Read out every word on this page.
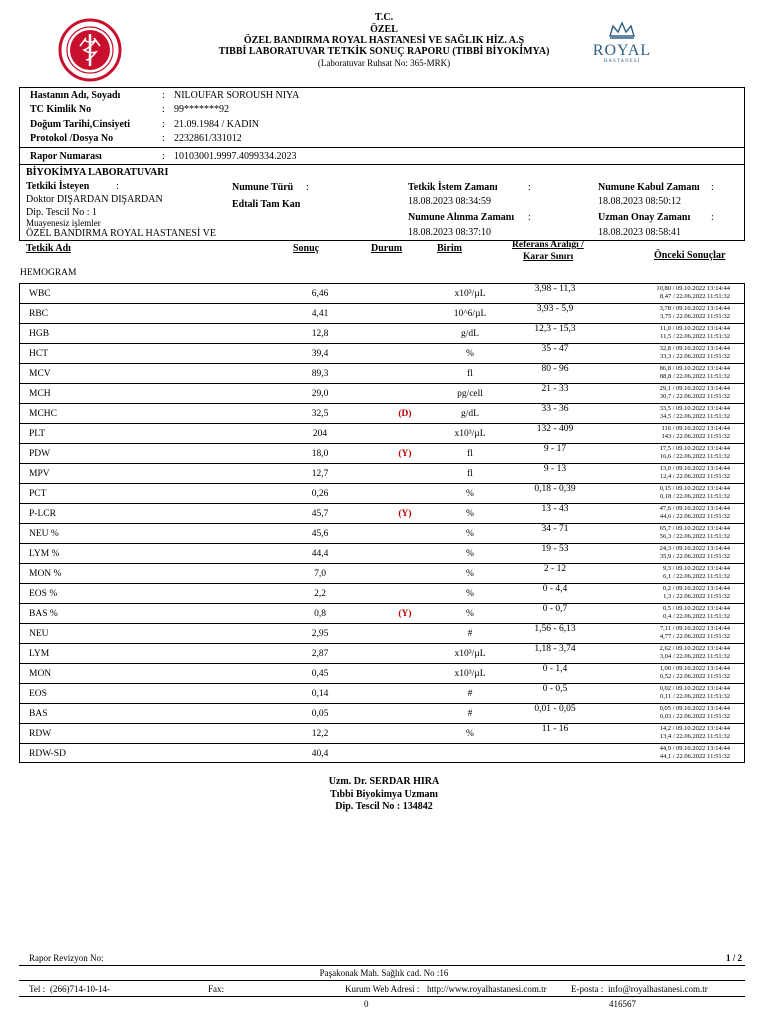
T.C.
ÖZEL
ÖZEL BANDIRMA ROYAL HASTANESİ VE SAĞLIK HİZ. A.Ş
TIBBİ LABORATUVAR TETKİK SONUÇ RAPORU (TIBBİ BİYOKİMYA)
(Laboratuvar Ruhsat No: 365-MRK)
ROYAL
HASTANESİ
Hastanın Adı, Soyadı	: NILOUFAR SOROUSH NIYA
TC Kimlik No	: 99*******92
Doğum Tarihi,Cinsiyeti	: 21.09.1984 / KADIN
Protokol /Dosya No	: 2232861/331012
Rapor Numarası	: 10103001.9997.4099334.2023
BİYOKİMYA LABORATUVARI
Tetkiki İsteyen	:
Doktor DIŞARDAN DIŞARDAN
Dip. Tescil No : 1
Muayenesiz işlemler
ÖZEL BANDIRMA ROYAL HASTANESİ VE
Numune Türü :
Edtali Tam Kan
Tetkik İstem Zamanı	:
18.08.2023 08:34:59
Numune Alınma Zamanı :
18.08.2023 08:37:10
Numune Kabul Zamanı :
18.08.2023 08:50:12
Uzman Onay Zamanı :
18.08.2023 08:58:41
Tetkik Adı	Sonuç	Durum	Birim	Referans Aralığı /
Karar Sınırı	Önceki Sonuçlar
HEMOGRAM
WBC	6,46	x10³/µL	3,98 - 11,3	10,80 / 09.10.2022 13:14:44
8,47 / 22.06.2022 11:51:32
RBC	4,41	10^6/µL	3,93 - 5,9	3,78 / 09.10.2022 13:14:44
3,75 / 22.06.2022 11:51:32
HGB	12,8	g/dL	12,3 - 15,3	11,0 / 09.10.2022 13:14:44
11,5 / 22.06.2022 11:51:32
HCT	39,4	%	35 - 47	32,8 / 09.10.2022 13:14:44
33,3 / 22.06.2022 11:51:32
MCV	89,3	fl	80 - 96	86,8 / 09.10.2022 13:14:44
88,8 / 22.06.2022 11:51:32
MCH	29,0	pg/cell	21 - 33	29,1 / 09.10.2022 13:14:44
30,7 / 22.06.2022 11:51:32
MCHC	32,5	(D)	g/dL	33 - 36	33,5 / 09.10.2022 13:14:44
34,5 / 22.06.2022 11:51:32
PLT	204	x10³/µL	132 - 409	116 / 09.10.2022 13:14:44
143 / 22.06.2022 11:51:32
PDW	18,0	(Y)	fl	9 - 17	17,5 / 09.10.2022 13:14:44
16,6 / 22.06.2022 11:51:32
MPV	12,7	fl	9 - 13	13,0 / 09.10.2022 13:14:44
12,4 / 22.06.2022 11:51:32
PCT	0,26	%	0,18 - 0,39	0,15 / 09.10.2022 13:14:44
0,18 / 22.06.2022 11:51:32
P-LCR	45,7	(Y)	%	13 - 43	47,6 / 09.10.2022 13:14:44
44,6 / 22.06.2022 11:51:32
NEU %	45,6	%	34 - 71	65,7 / 09.10.2022 13:14:44
56,3 / 22.06.2022 11:51:32
LYM %	44,4	%	19 - 53	24,3 / 09.10.2022 13:14:44
35,9 / 22.06.2022 11:51:32
MON %	7,0	%	2 - 12	9,3 / 09.10.2022 13:14:44
6,1 / 22.06.2022 11:51:32
EOS %	2,2	%	0 - 4,4	0,2 / 09.10.2022 13:14:44
1,3 / 22.06.2022 11:51:32
BAS %	0,8	(Y)	%	0 - 0,7	0,5 / 09.10.2022 13:14:44
0,4 / 22.06.2022 11:51:32
NEU	2,95	#	1,56 - 6,13	7,11 / 09.10.2022 13:14:44
4,77 / 22.06.2022 11:51:32
LYM	2,87	x10³/µL	1,18 - 3,74	2,62 / 09.10.2022 13:14:44
3,04 / 22.06.2022 11:51:32
MON	0,45	x10³/µL	0 - 1,4	1,00 / 09.10.2022 13:14:44
0,52 / 22.06.2022 11:51:32
EOS	0,14	#	0 - 0,5	0,02 / 09.10.2022 13:14:44
0,11 / 22.06.2022 11:51:32
BAS	0,05	#	0,01 - 0,05	0,05 / 09.10.2022 13:14:44
0,03 / 22.06.2022 11:51:32
RDW	12,2	%	11 - 16	14,2 / 09.10.2022 13:14:44
13,4 / 22.06.2022 11:51:32
RDW-SD	40,4
44,9 / 09.10.2022 13:14:44
44,1 / 22.06.2022 11:51:32
Uzm. Dr. SERDAR HIRA
Tıbbi Biyokimya Uzmanı
Dip. Tescil No : 134842
Rapor Revizyon No:	1 / 2
Paşakonak Mah. Sağlık cad. No :16
Tel : (266)714-10-14-	Fax:	Kurum Web Adresi : http://www.royalhastanesi.com.tr	E-posta : info@royalhastanesi.com.tr
0	416567
